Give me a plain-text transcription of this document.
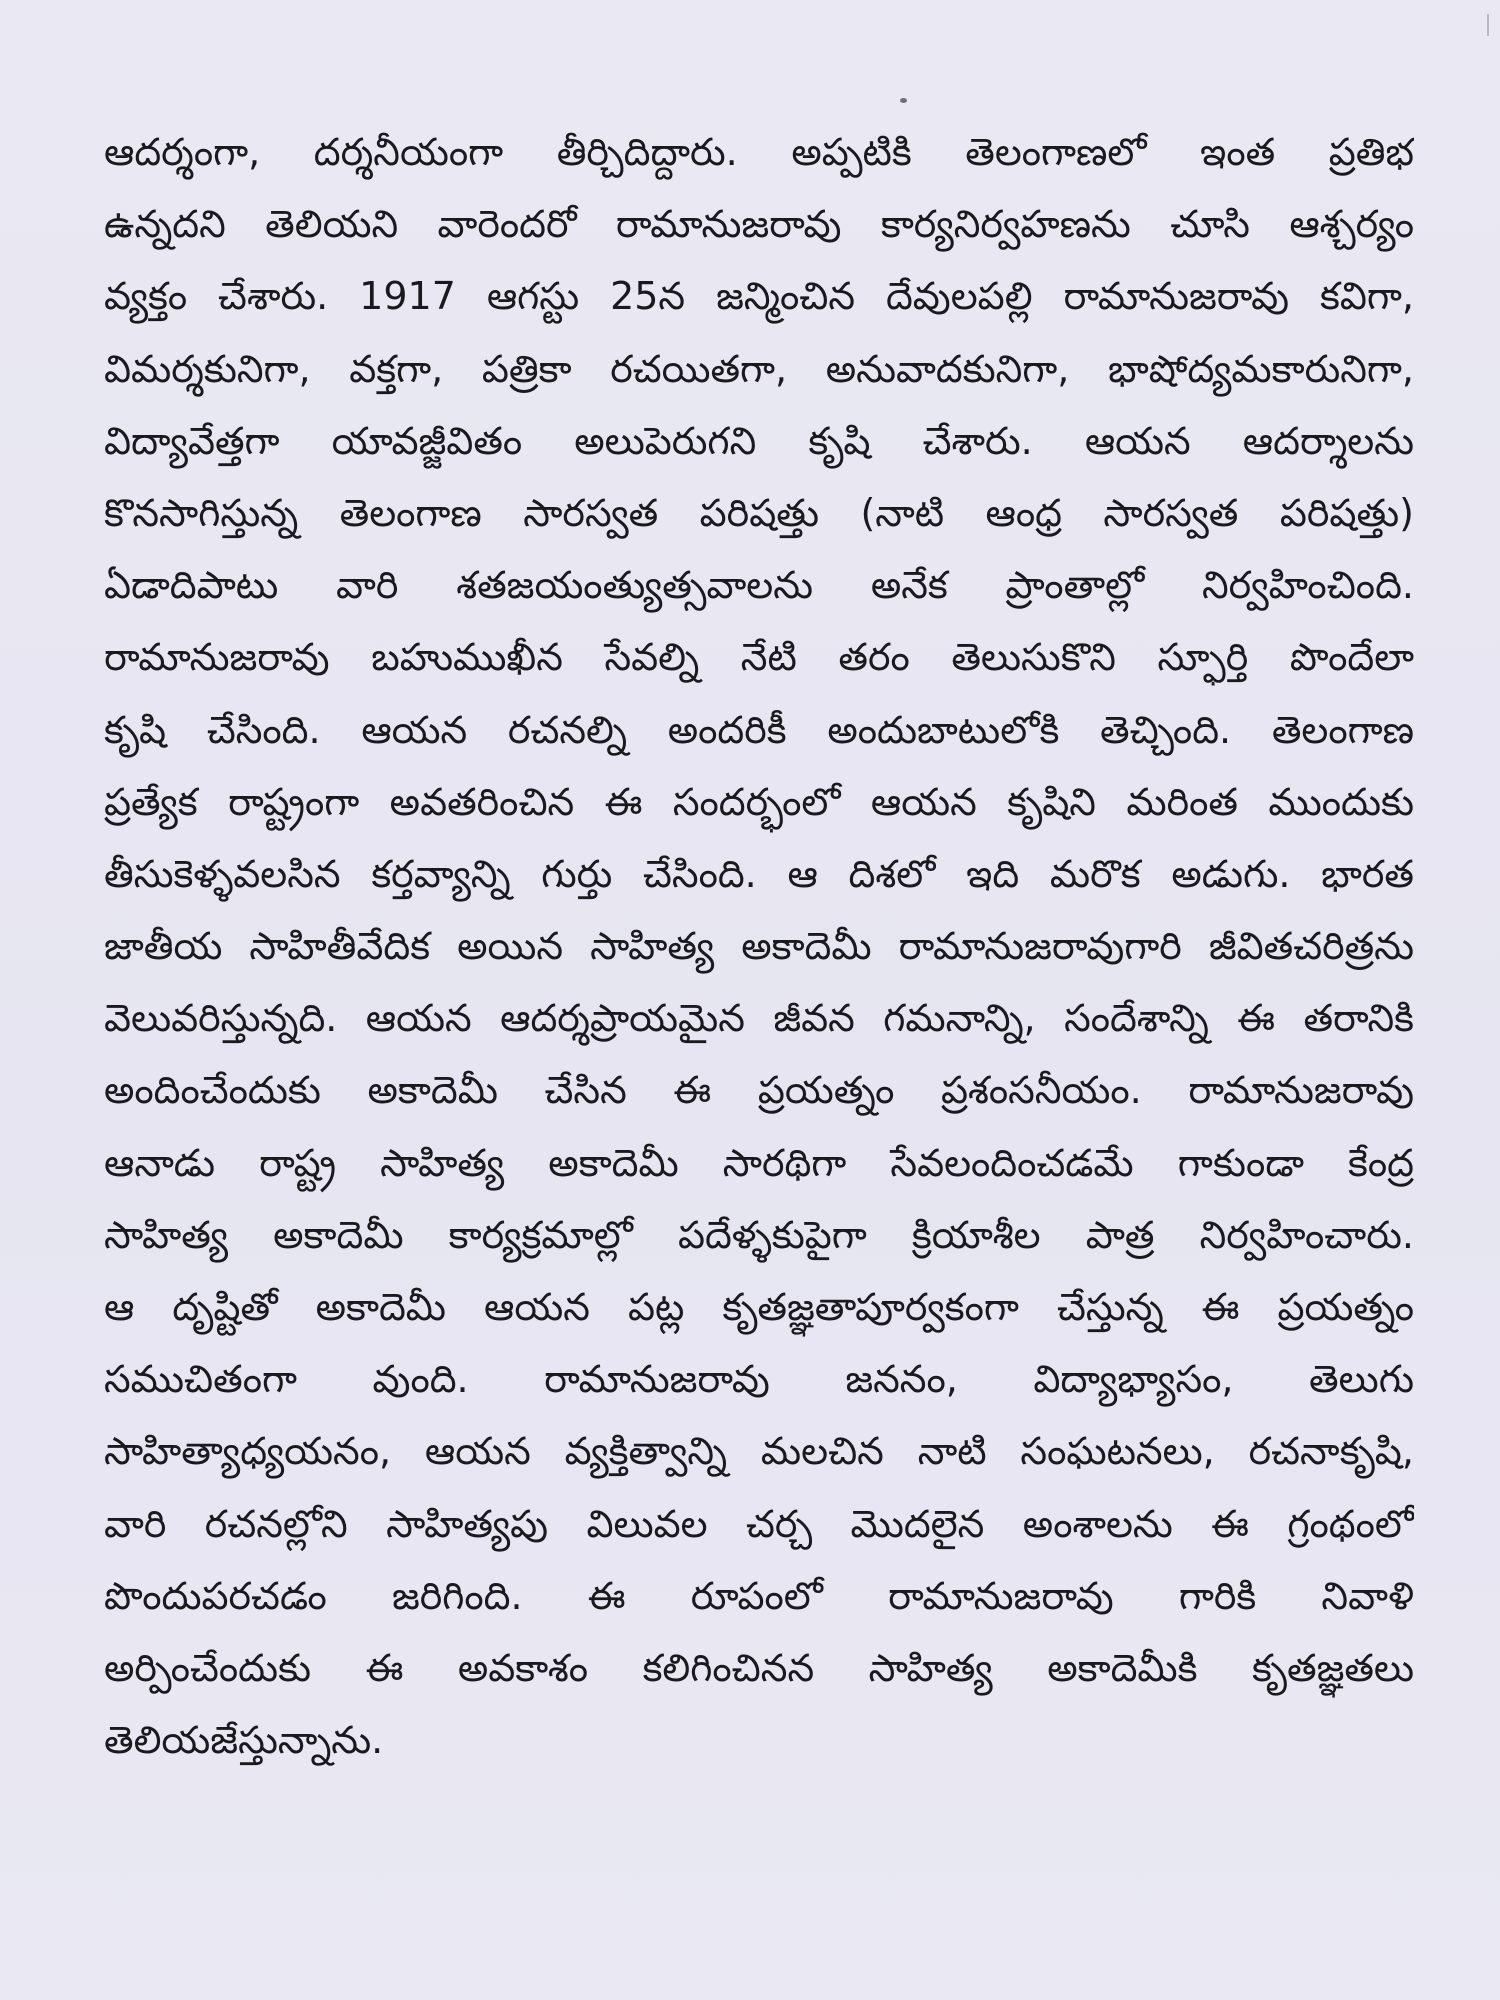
ఆదర్శంగా, దర్శనీయంగా తీర్చిదిద్దారు. అప్పటికి తెలంగాణలో ఇంత ప్రతిభ
ఉన్నదని తెలియని వారెందరో రామానుజరావు కార్యనిర్వహణను చూసి ఆశ్చర్యం
వ్యక్తం చేశారు. 1917 ఆగస్టు 25న జన్మించిన దేవులపల్లి రామానుజరావు కవిగా,
విమర్శకునిగా, వక్తగా, పత్రికా రచయితగా, అనువాదకునిగా, భాషోద్యమకారునిగా,
విద్యావేత్తగా యావజ్జీవితం అలుపెరుగని కృషి చేశారు. ఆయన ఆదర్శాలను
కొనసాగిస్తున్న తెలంగాణ సారస్వత పరిషత్తు (నాటి ఆంధ్ర సారస్వత పరిషత్తు)
ఏడాదిపాటు వారి శతజయంత్యుత్సవాలను అనేక ప్రాంతాల్లో నిర్వహించింది.
రామానుజరావు బహుముఖీన సేవల్ని నేటి తరం తెలుసుకొని స్ఫూర్తి పొందేలా
కృషి చేసింది. ఆయన రచనల్ని అందరికీ అందుబాటులోకి తెచ్చింది. తెలంగాణ
ప్రత్యేక రాష్ట్రంగా అవతరించిన ఈ సందర్భంలో ఆయన కృషిని మరింత ముందుకు
తీసుకెళ్ళవలసిన కర్తవ్యాన్ని గుర్తు చేసింది. ఆ దిశలో ఇది మరొక అడుగు. భారత
జాతీయ సాహితీవేదిక అయిన సాహిత్య అకాదెమీ రామానుజరావుగారి జీవితచరిత్రను
వెలువరిస్తున్నది. ఆయన ఆదర్శప్రాయమైన జీవన గమనాన్ని, సందేశాన్ని ఈ తరానికి
అందించేందుకు అకాదెమీ చేసిన ఈ ప్రయత్నం ప్రశంసనీయం. రామానుజరావు
ఆనాడు రాష్ట్ర సాహిత్య అకాదెమీ సారథిగా సేవలందించడమే గాకుండా కేంద్ర
సాహిత్య అకాదెమీ కార్యక్రమాల్లో పదేళ్ళకుపైగా క్రియాశీల పాత్ర నిర్వహించారు.
ఆ దృష్టితో అకాదెమీ ఆయన పట్ల కృతజ్ఞతాపూర్వకంగా చేస్తున్న ఈ ప్రయత్నం
సముచితంగా వుంది. రామానుజరావు జననం, విద్యాభ్యాసం, తెలుగు
సాహిత్యాధ్యయనం, ఆయన వ్యక్తిత్వాన్ని మలచిన నాటి సంఘటనలు, రచనాకృషి,
వారి రచనల్లోని సాహిత్యపు విలువల చర్చ మొదలైన అంశాలను ఈ గ్రంథంలో
పొందుపరచడం జరిగింది. ఈ రూపంలో రామానుజరావు గారికి నివాళి
అర్పించేందుకు ఈ అవకాశం కలిగించినన సాహిత్య అకాదెమీకి కృతజ్ఞతలు
తెలియజేస్తున్నాను.
